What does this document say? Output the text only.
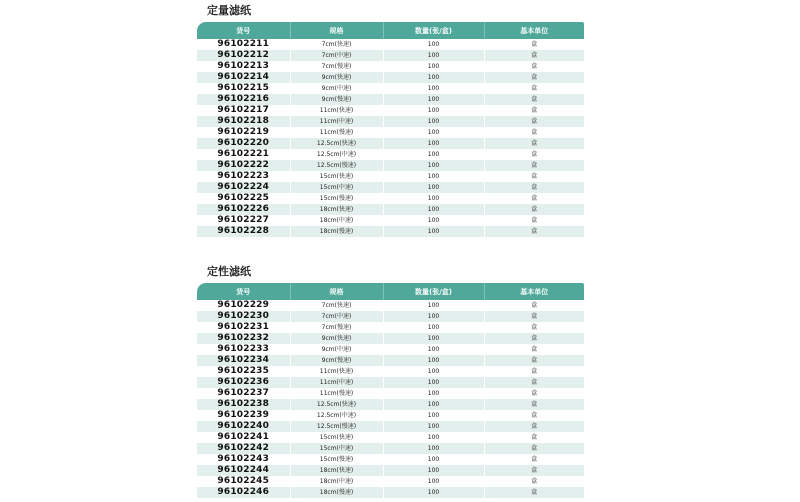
定量滤纸
货号	规格	数量(张/盒)	基本单位
96102211	7cm(快速)	100	盒
96102212	7cm(中速)	100	盒
96102213	7cm(慢速)	100	盒
96102214	9cm(快速)	100	盒
96102215	9cm(中速)	100	盒
96102216	9cm(慢速)	100	盒
96102217	11cm(快速)	100	盒
96102218	11cm(中速)	100	盒
96102219	11cm(慢速)	100	盒
96102220	12.5cm(快速)	100	盒
96102221	12.5cm(中速)	100	盒
96102222	12.5cm(慢速)	100	盒
96102223	15cm(快速)	100	盒
96102224	15cm(中速)	100	盒
96102225	15cm(慢速)	100	盒
96102226	18cm(快速)	100	盒
96102227	18cm(中速)	100	盒
96102228	18cm(慢速)	100	盒
定性滤纸
货号	规格	数量(张/盒)	基本单位
96102229	7cm(快速)	100	盒
96102230	7cm(中速)	100	盒
96102231	7cm(慢速)	100	盒
96102232	9cm(快速)	100	盒
96102233	9cm(中速)	100	盒
96102234	9cm(慢速)	100	盒
96102235	11cm(快速)	100	盒
96102236	11cm(中速)	100	盒
96102237	11cm(慢速)	100	盒
96102238	12.5cm(快速)	100	盒
96102239	12.5cm(中速)	100	盒
96102240	12.5cm(慢速)	100	盒
96102241	15cm(快速)	100	盒
96102242	15cm(中速)	100	盒
96102243	15cm(慢速)	100	盒
96102244	18cm(快速)	100	盒
96102245	18cm(中速)	100	盒
96102246	18cm(慢速)	100	盒
